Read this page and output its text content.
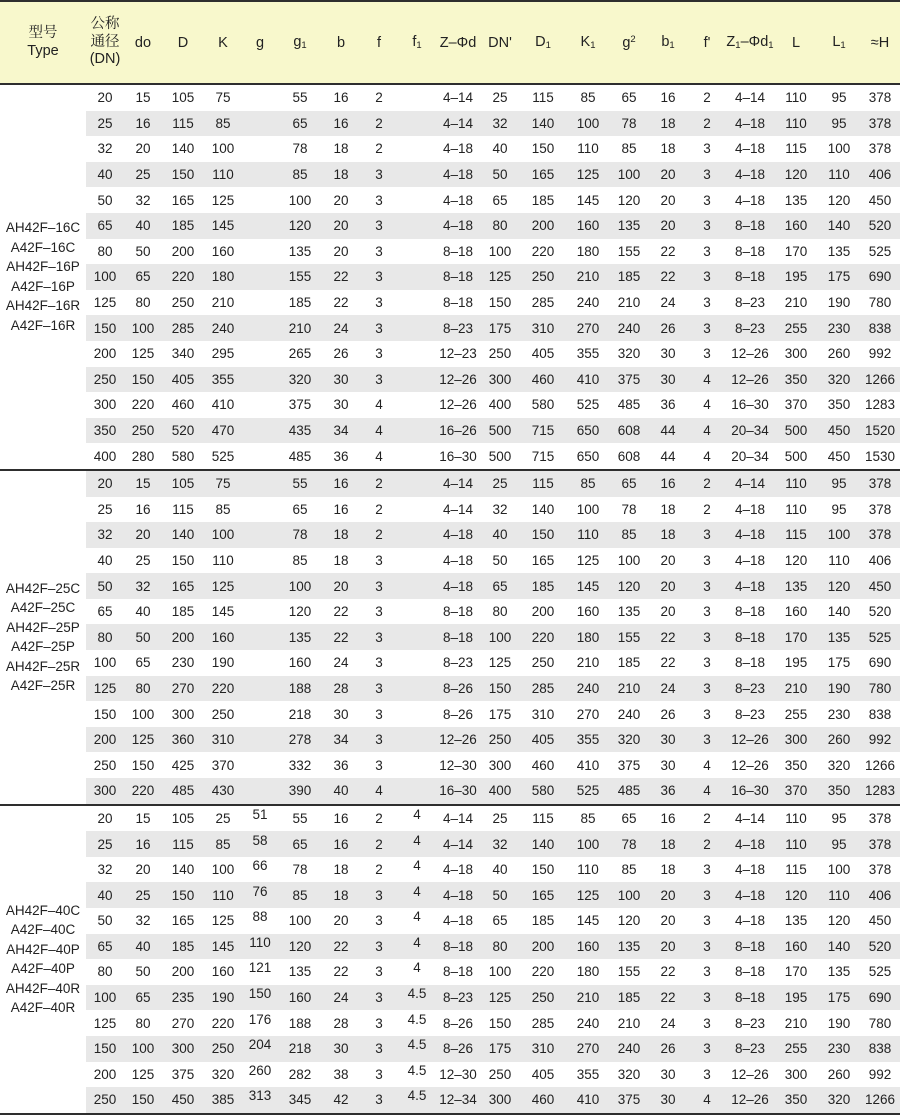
型号
Type

公称
通径
(DN)
	do	D	K	g	g1	b	f	f1	Z–Φd	DN'	D1	K1	$g^2$	b1	f'	Z1–Φd1	L	L1	≈H

AH42F–16C
A42F–16C
AH42F–16P
A42F–16P
AH42F–16R
A42F–16R
	20	15	105	75		55	16	2		4–14	25	115	85	65	16	2	4–14	110	95	378
	25	16	115	85		65	16	2		4–14	32	140	100	78	18	2	4–18	110	95	378
	32	20	140	100		78	18	2		4–18	40	150	110	85	18	3	4–18	115	100	378
	40	25	150	110		85	18	3		4–18	50	165	125	100	20	3	4–18	120	110	406
	50	32	165	125		100	20	3		4–18	65	185	145	120	20	3	4–18	135	120	450
	65	40	185	145		120	20	3		4–18	80	200	160	135	20	3	8–18	160	140	520
	80	50	200	160		135	20	3		8–18	100	220	180	155	22	3	8–18	170	135	525
	100	65	220	180		155	22	3		8–18	125	250	210	185	22	3	8–18	195	175	690
	125	80	250	210		185	22	3		8–18	150	285	240	210	24	3	8–23	210	190	780
	150	100	285	240		210	24	3		8–23	175	310	270	240	26	3	8–23	255	230	838
	200	125	340	295		265	26	3		12–23	250	405	355	320	30	3	12–26	300	260	992
	250	150	405	355		320	30	3		12–26	300	460	410	375	30	4	12–26	350	320	1266
	300	220	460	410		375	30	4		12–26	400	580	525	485	36	4	16–30	370	350	1283
	350	250	520	470		435	34	4		16–26	500	715	650	608	44	4	20–34	500	450	1520
	400	280	580	525		485	36	4		16–30	500	715	650	608	44	4	20–34	500	450	1530

AH42F–25C
A42F–25C
AH42F–25P
A42F–25P
AH42F–25R
A42F–25R
	20	15	105	75		55	16	2		4–14	25	115	85	65	16	2	4–14	110	95	378
	25	16	115	85		65	16	2		4–14	32	140	100	78	18	2	4–18	110	95	378
	32	20	140	100		78	18	2		4–18	40	150	110	85	18	3	4–18	115	100	378
	40	25	150	110		85	18	3		4–18	50	165	125	100	20	3	4–18	120	110	406
	50	32	165	125		100	20	3		4–18	65	185	145	120	20	3	4–18	135	120	450
	65	40	185	145		120	22	3		8–18	80	200	160	135	20	3	8–18	160	140	520
	80	50	200	160		135	22	3		8–18	100	220	180	155	22	3	8–18	170	135	525
	100	65	230	190		160	24	3		8–23	125	250	210	185	22	3	8–18	195	175	690
	125	80	270	220		188	28	3		8–26	150	285	240	210	24	3	8–23	210	190	780
	150	100	300	250		218	30	3		8–26	175	310	270	240	26	3	8–23	255	230	838
	200	125	360	310		278	34	3		12–26	250	405	355	320	30	3	12–26	300	260	992
	250	150	425	370		332	36	3		12–30	300	460	410	375	30	4	12–26	350	320	1266
	300	220	485	430		390	40	4		16–30	400	580	525	485	36	4	16–30	370	350	1283

AH42F–40C
A42F–40C
AH42F–40P
A42F–40P
AH42F–40R
A42F–40R
	20	15	105	25	51	55	16	2	4	4–14	25	115	85	65	16	2	4–14	110	95	378
	25	16	115	85	58	65	16	2	4	4–14	32	140	100	78	18	2	4–18	110	95	378
	32	20	140	100	66	78	18	2	4	4–18	40	150	110	85	18	3	4–18	115	100	378
	40	25	150	110	76	85	18	3	4	4–18	50	165	125	100	20	3	4–18	120	110	406
	50	32	165	125	88	100	20	3	4	4–18	65	185	145	120	20	3	4–18	135	120	450
	65	40	185	145	110	120	22	3	4	8–18	80	200	160	135	20	3	8–18	160	140	520
	80	50	200	160	121	135	22	3	4	8–18	100	220	180	155	22	3	8–18	170	135	525
	100	65	235	190	150	160	24	3	4.5	8–23	125	250	210	185	22	3	8–18	195	175	690
	125	80	270	220	176	188	28	3	4.5	8–26	150	285	240	210	24	3	8–23	210	190	780
	150	100	300	250	204	218	30	3	4.5	8–26	175	310	270	240	26	3	8–23	255	230	838
	200	125	375	320	260	282	38	3	4.5	12–30	250	405	355	320	30	3	12–26	300	260	992
	250	150	450	385	313	345	42	3	4.5	12–34	300	460	410	375	30	4	12–26	350	320	1266
